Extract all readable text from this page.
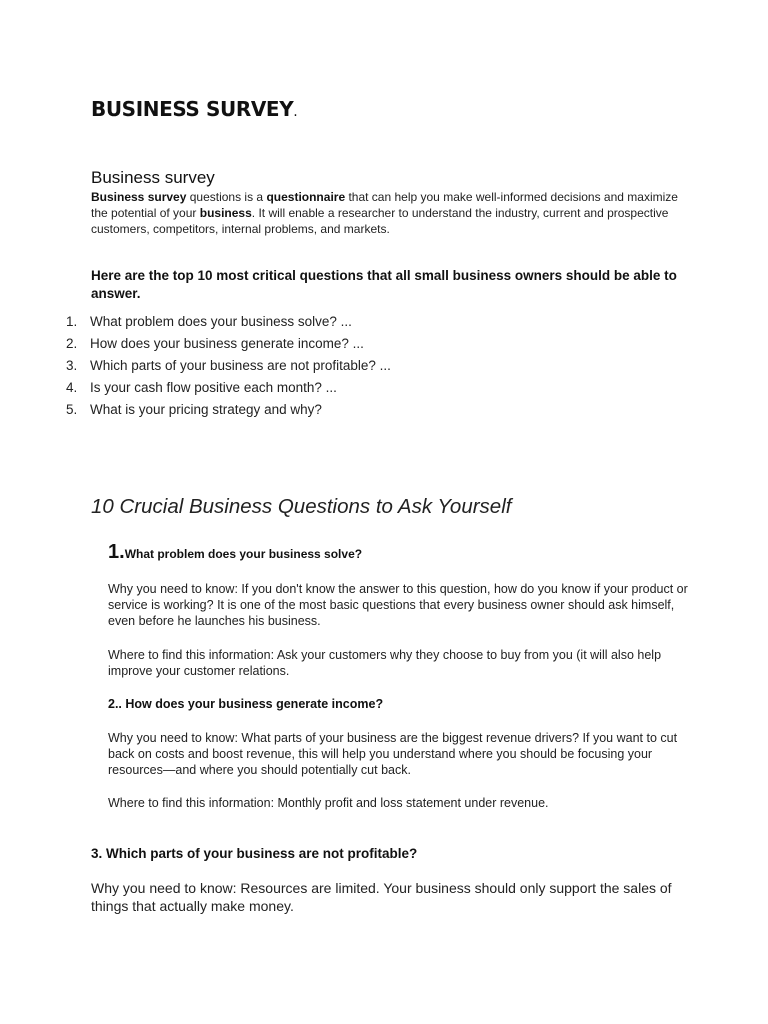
BUSINESS SURVEY.
Business survey
Business survey questions is a questionnaire that can help you make well-informed decisions and maximize the potential of your business. It will enable a researcher to understand the industry, current and prospective customers, competitors, internal problems, and markets.
Here are the top 10 most critical questions that all small business owners should be able to answer.
1. What problem does your business solve? ...
2. How does your business generate income? ...
3. Which parts of your business are not profitable? ...
4. Is your cash flow positive each month? ...
5. What is your pricing strategy and why?
10 Crucial Business Questions to Ask Yourself
1.What problem does your business solve?
Why you need to know: If you don't know the answer to this question, how do you know if your product or service is working? It is one of the most basic questions that every business owner should ask himself, even before he launches his business.
Where to find this information: Ask your customers why they choose to buy from you (it will also help improve your customer relations.
2.. How does your business generate income?
Why you need to know: What parts of your business are the biggest revenue drivers? If you want to cut back on costs and boost revenue, this will help you understand where you should be focusing your resources—and where you should potentially cut back.
Where to find this information: Monthly profit and loss statement under revenue.
3. Which parts of your business are not profitable?
Why you need to know: Resources are limited. Your business should only support the sales of things that actually make money.
